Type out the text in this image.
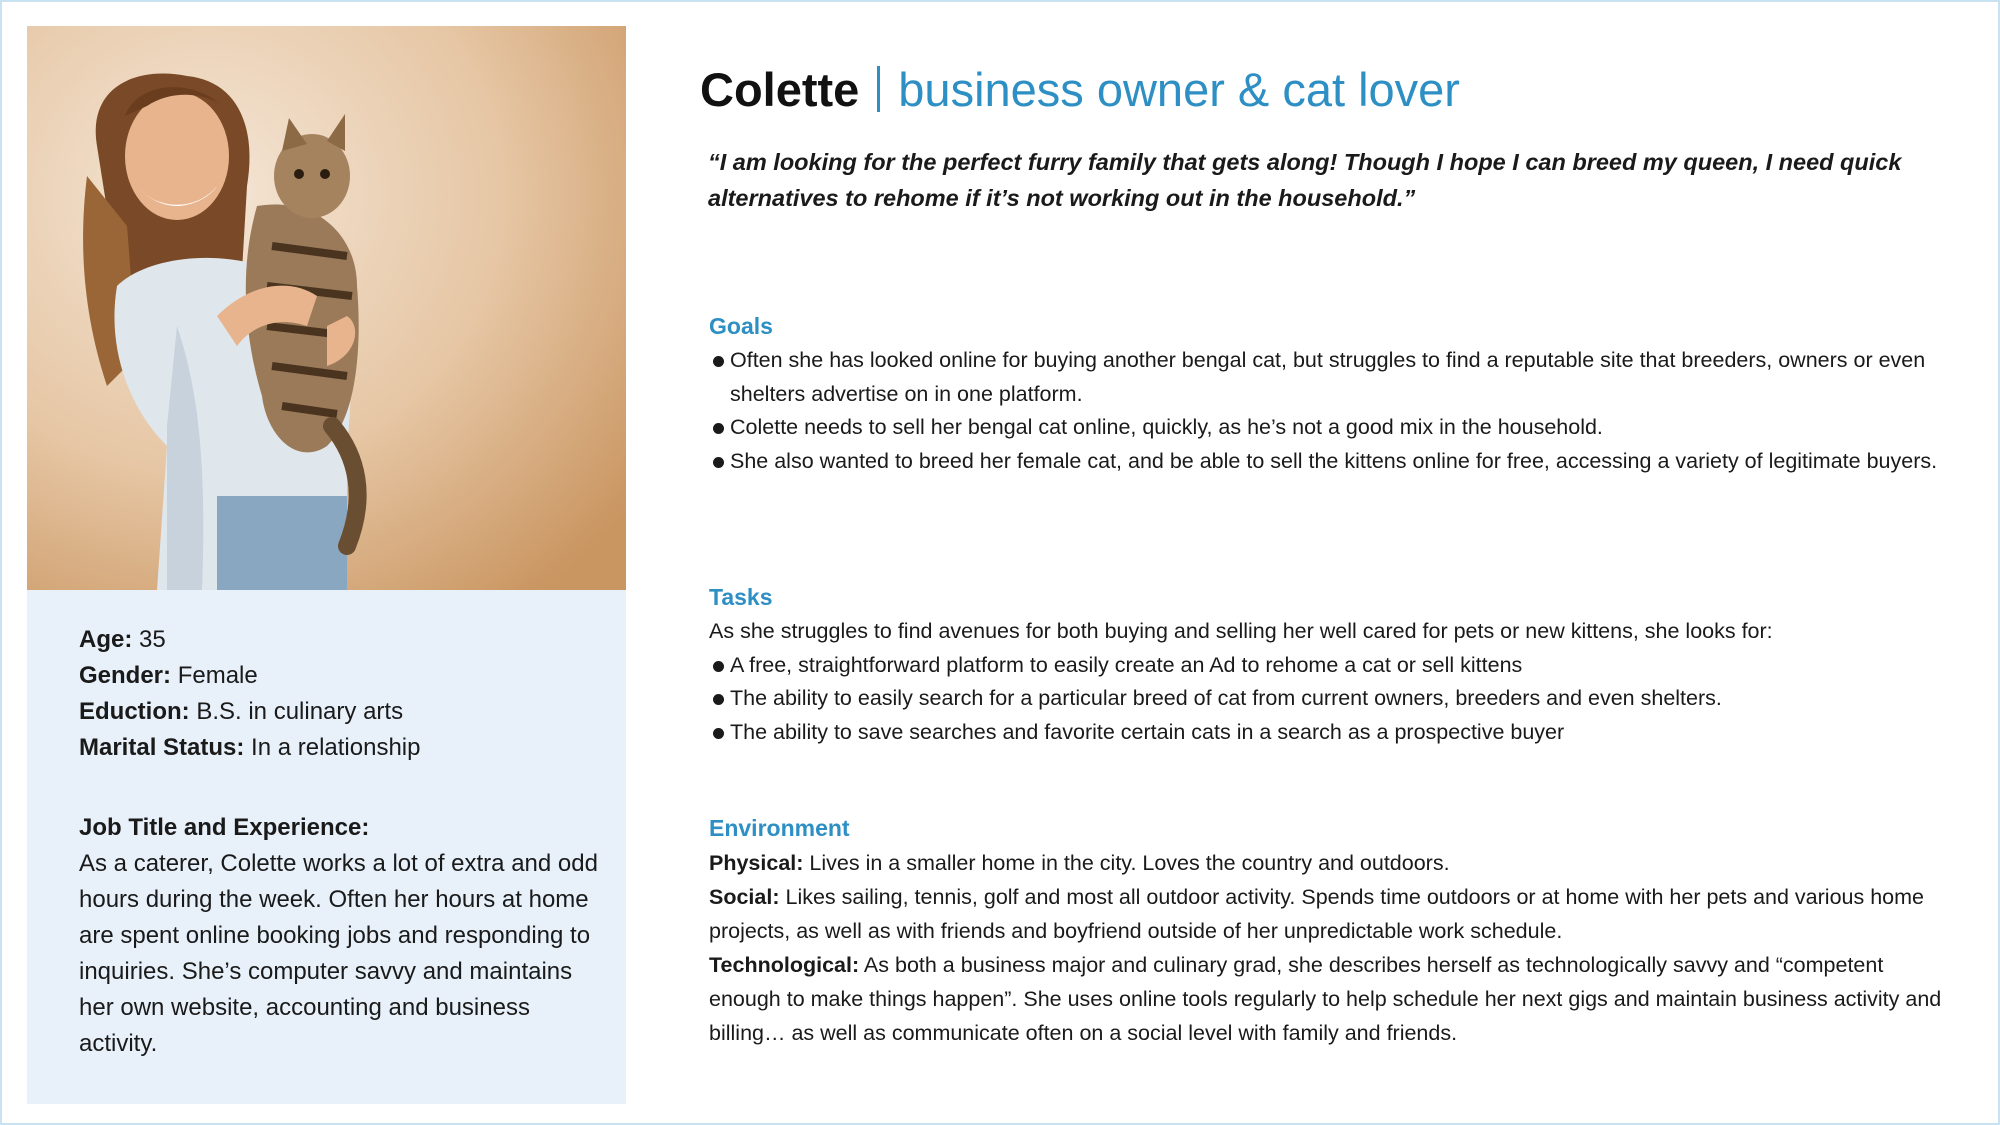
Age: 35

Gender: Female

Eduction: B.S. in culinary arts

Marital Status: In a relationship

Job Title and Experience:
As a caterer, Colette works a lot of extra and odd hours during the week. Often her hours at home are spent online booking jobs and responding to inquiries. She’s computer savvy and maintains her own website, accounting and business activity.
Colette business owner & cat lover
“I am looking for the perfect furry family that gets along! Though I hope I can breed my queen, I need quick alternatives to rehome if it’s not working out in the household.”
Goals
Often she has looked online for buying another bengal cat, but struggles to find a reputable site that breeders, owners or even shelters advertise on in one platform.
Colette needs to sell her bengal cat online, quickly, as he’s not a good mix in the household.
She also wanted to breed her female cat, and be able to sell the kittens online for free, accessing a variety of legitimate buyers.
Tasks
As she struggles to find avenues for both buying and selling her well cared for pets or new kittens, she looks for:
A free, straightforward platform to easily create an Ad to rehome a cat or sell kittens
The ability to easily search for a particular breed of cat from current owners, breeders and even shelters.
The ability to save searches and favorite certain cats in a search as a prospective buyer
Environment
Physical: Lives in a smaller home in the city. Loves the country and outdoors.
Social: Likes sailing, tennis, golf and most all outdoor activity. Spends time outdoors or at home with her pets and various home projects, as well as with friends and boyfriend outside of her unpredictable work schedule.
Technological: As both a business major and culinary grad, she describes herself as technologically savvy and “competent enough to make things happen”. She uses online tools regularly to help schedule her next gigs and maintain business activity and billing… as well as communicate often on a social level with family and friends.
